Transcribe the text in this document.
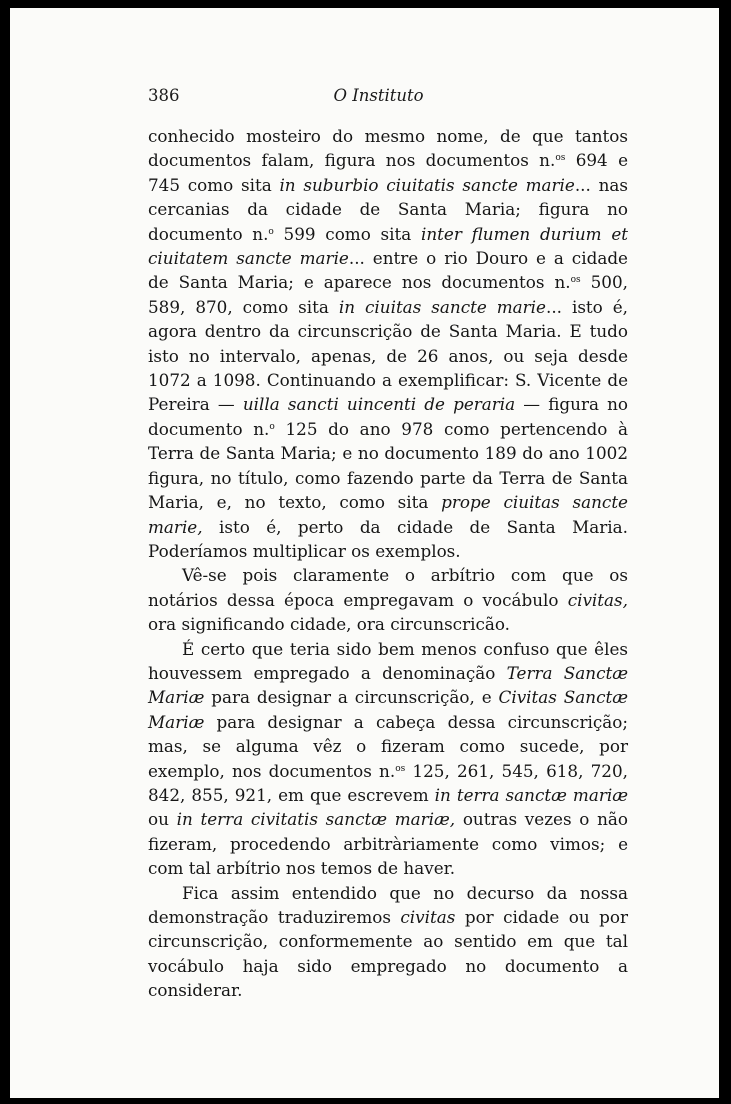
386	O Instituto

conhecido mosteiro do mesmo nome, de que tantos documentos falam, figura nos documentos n.$^{os}$ 694 e 745 como sita in suburbio ciuitatis sancte marie... nas cercanias da cidade de Santa Maria; figura no documento n.$^o$ 599 como sita inter flumen durium et ciuitatem sancte marie... entre o rio Douro e a cidade de Santa Maria; e aparece nos documentos n.$^{os}$ 500, 589, 870, como sita in ciuitas sancte marie... isto é, agora dentro da circunscrição de Santa Maria. E tudo isto no intervalo, apenas, de 26 anos, ou seja desde 1072 a 1098. Continuando a exemplificar: S. Vicente de Pereira — uilla sancti uincenti de peraria — figura no documento n.$^o$ 125 do ano 978 como pertencendo à Terra de Santa Maria; e no documento 189 do ano 1002 figura, no título, como fazendo parte da Terra de Santa Maria, e, no texto, como sita prope ciuitas sancte marie, isto é, perto da cidade de Santa Maria. Poderíamos multiplicar os exemplos.

Vê-se pois claramente o arbítrio com que os notários dessa época empregavam o vocábulo civitas, ora significando cidade, ora circunscricão.

É certo que teria sido bem menos confuso que êles houvessem empregado a denominação Terra Sanctæ Mariæ para designar a circunscrição, e Civitas Sanctæ Mariæ para designar a cabeça dessa circunscrição; mas, se alguma vêz o fizeram como sucede, por exemplo, nos documentos n.$^{os}$ 125, 261, 545, 618, 720, 842, 855, 921, em que escrevem in terra sanctæ mariæ ou in terra civitatis sanctæ mariæ, outras vezes o não fizeram, procedendo arbitràriamente como vimos; e com tal arbítrio nos temos de haver.

Fica assim entendido que no decurso da nossa demonstração traduziremos civitas por cidade ou por circunscrição, conformemente ao sentido em que tal vocábulo haja sido empregado no documento a considerar.
